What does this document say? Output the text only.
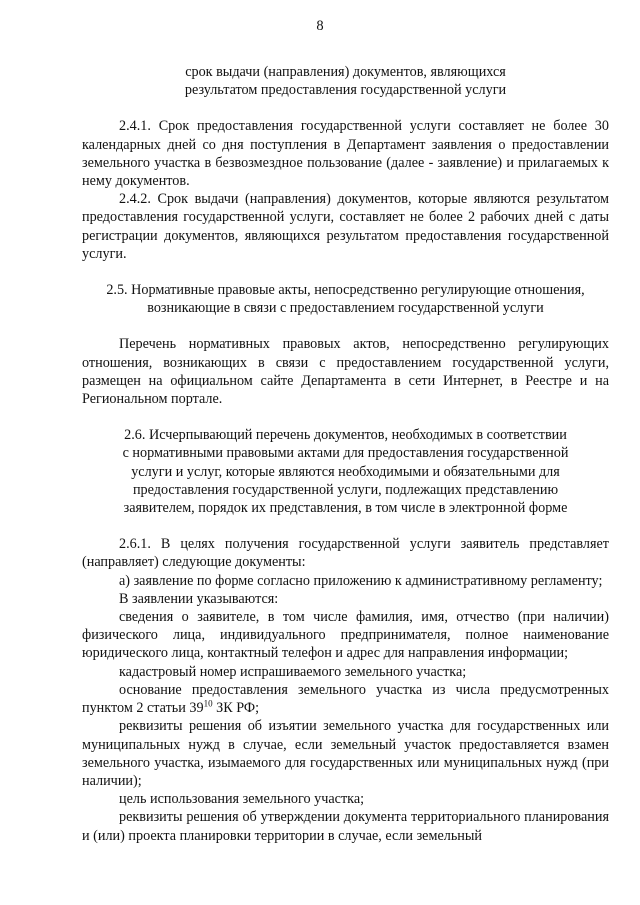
8

срок выдачи (направления) документов, являющихся результатом предоставления государственной услуги

2.4.1. Срок предоставления государственной услуги составляет не более 30 календарных дней со дня поступления в Департамент заявления о предоставлении земельного участка в безвозмездное пользование (далее - заявление) и прилагаемых к нему документов.

2.4.2. Срок выдачи (направления) документов, которые являются результатом предоставления государственной услуги, составляет не более 2 рабочих дней с даты регистрации документов, являющихся результатом предоставления государственной услуги.

2.5. Нормативные правовые акты, непосредственно регулирующие отношения, возникающие в связи с предоставлением государственной услуги

Перечень нормативных правовых актов, непосредственно регулирующих отношения, возникающих в связи с предоставлением государственной услуги, размещен на официальном сайте Департамента в сети Интернет, в Реестре и на Региональном портале.

2.6. Исчерпывающий перечень документов, необходимых в соответствии с нормативными правовыми актами для предоставления государственной услуги и услуг, которые являются необходимыми и обязательными для предоставления государственной услуги, подлежащих представлению заявителем, порядок их представления, в том числе в электронной форме

2.6.1. В целях получения государственной услуги заявитель представляет (направляет) следующие документы:

а) заявление по форме согласно приложению к административному регламенту;

В заявлении указываются:

сведения о заявителе, в том числе фамилия, имя, отчество (при наличии) физического лица, индивидуального предпринимателя, полное наименование юридического лица, контактный телефон и адрес для направления информации;

кадастровый номер испрашиваемого земельного участка;

основание предоставления земельного участка из числа предусмотренных пунктом 2 статьи $39^{10}$ ЗК РФ;

реквизиты решения об изъятии земельного участка для государственных или муниципальных нужд в случае, если земельный участок предоставляется взамен земельного участка, изымаемого для государственных или муниципальных нужд (при наличии);

цель использования земельного участка;

реквизиты решения об утверждении документа территориального планирования и (или) проекта планировки территории в случае, если земельный
